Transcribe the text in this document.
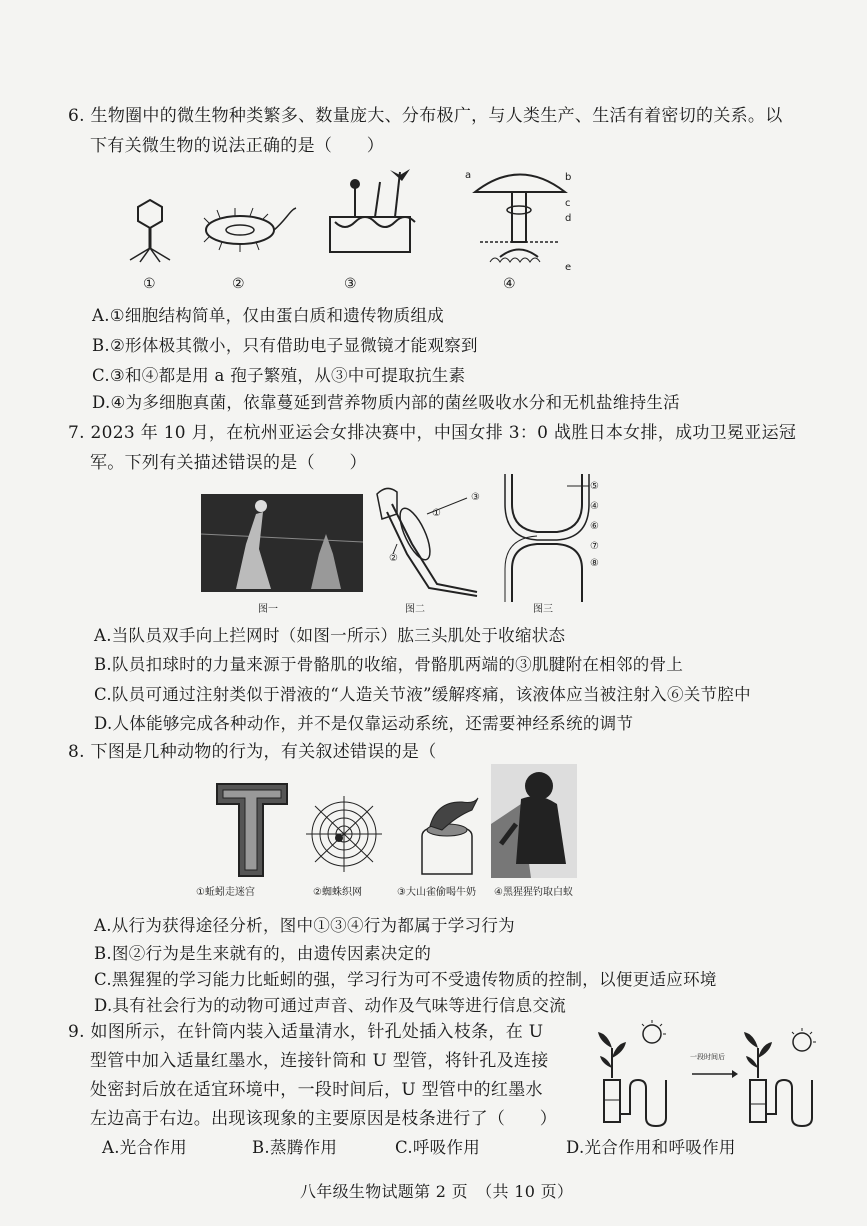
6. 生物圈中的微生物种类繁多、数量庞大、分布极广，与人类生产、生活有着密切的关系。以
下有关微生物的说法正确的是（　　）
a	b
c
d
e
①	②	③	④
A.①细胞结构简单，仅由蛋白质和遗传物质组成
B.②形体极其微小，只有借助电子显微镜才能观察到
C.③和④都是用 a 孢子繁殖，从③中可提取抗生素
D.④为多细胞真菌，依靠蔓延到营养物质内部的菌丝吸收水分和无机盐维持生活
7. 2023 年 10 月，在杭州亚运会女排决赛中，中国女排 3：0 战胜日本女排，成功卫冕亚运冠
军。下列有关描述错误的是（　　）
③
①
②
⑤
④
⑥
⑦
⑧
图一	图二	图三
A.当队员双手向上拦网时（如图一所示）肱三头肌处于收缩状态
B.队员扣球时的力量来源于骨骼肌的收缩，骨骼肌两端的③肌腱附在相邻的骨上
C.队员可通过注射类似于滑液的“人造关节液”缓解疼痛，该液体应当被注射入⑥关节腔中
D.人体能够完成各种动作，并不是仅靠运动系统，还需要神经系统的调节
8. 下图是几种动物的行为，有关叙述错误的是（
①蚯蚓走迷宫	②蜘蛛织网	③大山雀偷喝牛奶 ④黑猩猩钓取白蚁
A.从行为获得途径分析，图中①③④行为都属于学习行为
B.图②行为是生来就有的，由遗传因素决定的
C.黑猩猩的学习能力比蚯蚓的强，学习行为可不受遗传物质的控制，以便更适应环境
D.具有社会行为的动物可通过声音、动作及气味等进行信息交流
9. 如图所示，在针筒内装入适量清水，针孔处插入枝条，在 U
型管中加入适量红墨水，连接针筒和 U 型管，将针孔及连接
处密封后放在适宜环境中，一段时间后，U 型管中的红墨水
左边高于右边。出现该现象的主要原因是枝条进行了（　　）
一段时间后
A.光合作用	B.蒸腾作用	C.呼吸作用	D.光合作用和呼吸作用
八年级生物试题第 2 页　（共 10 页）
